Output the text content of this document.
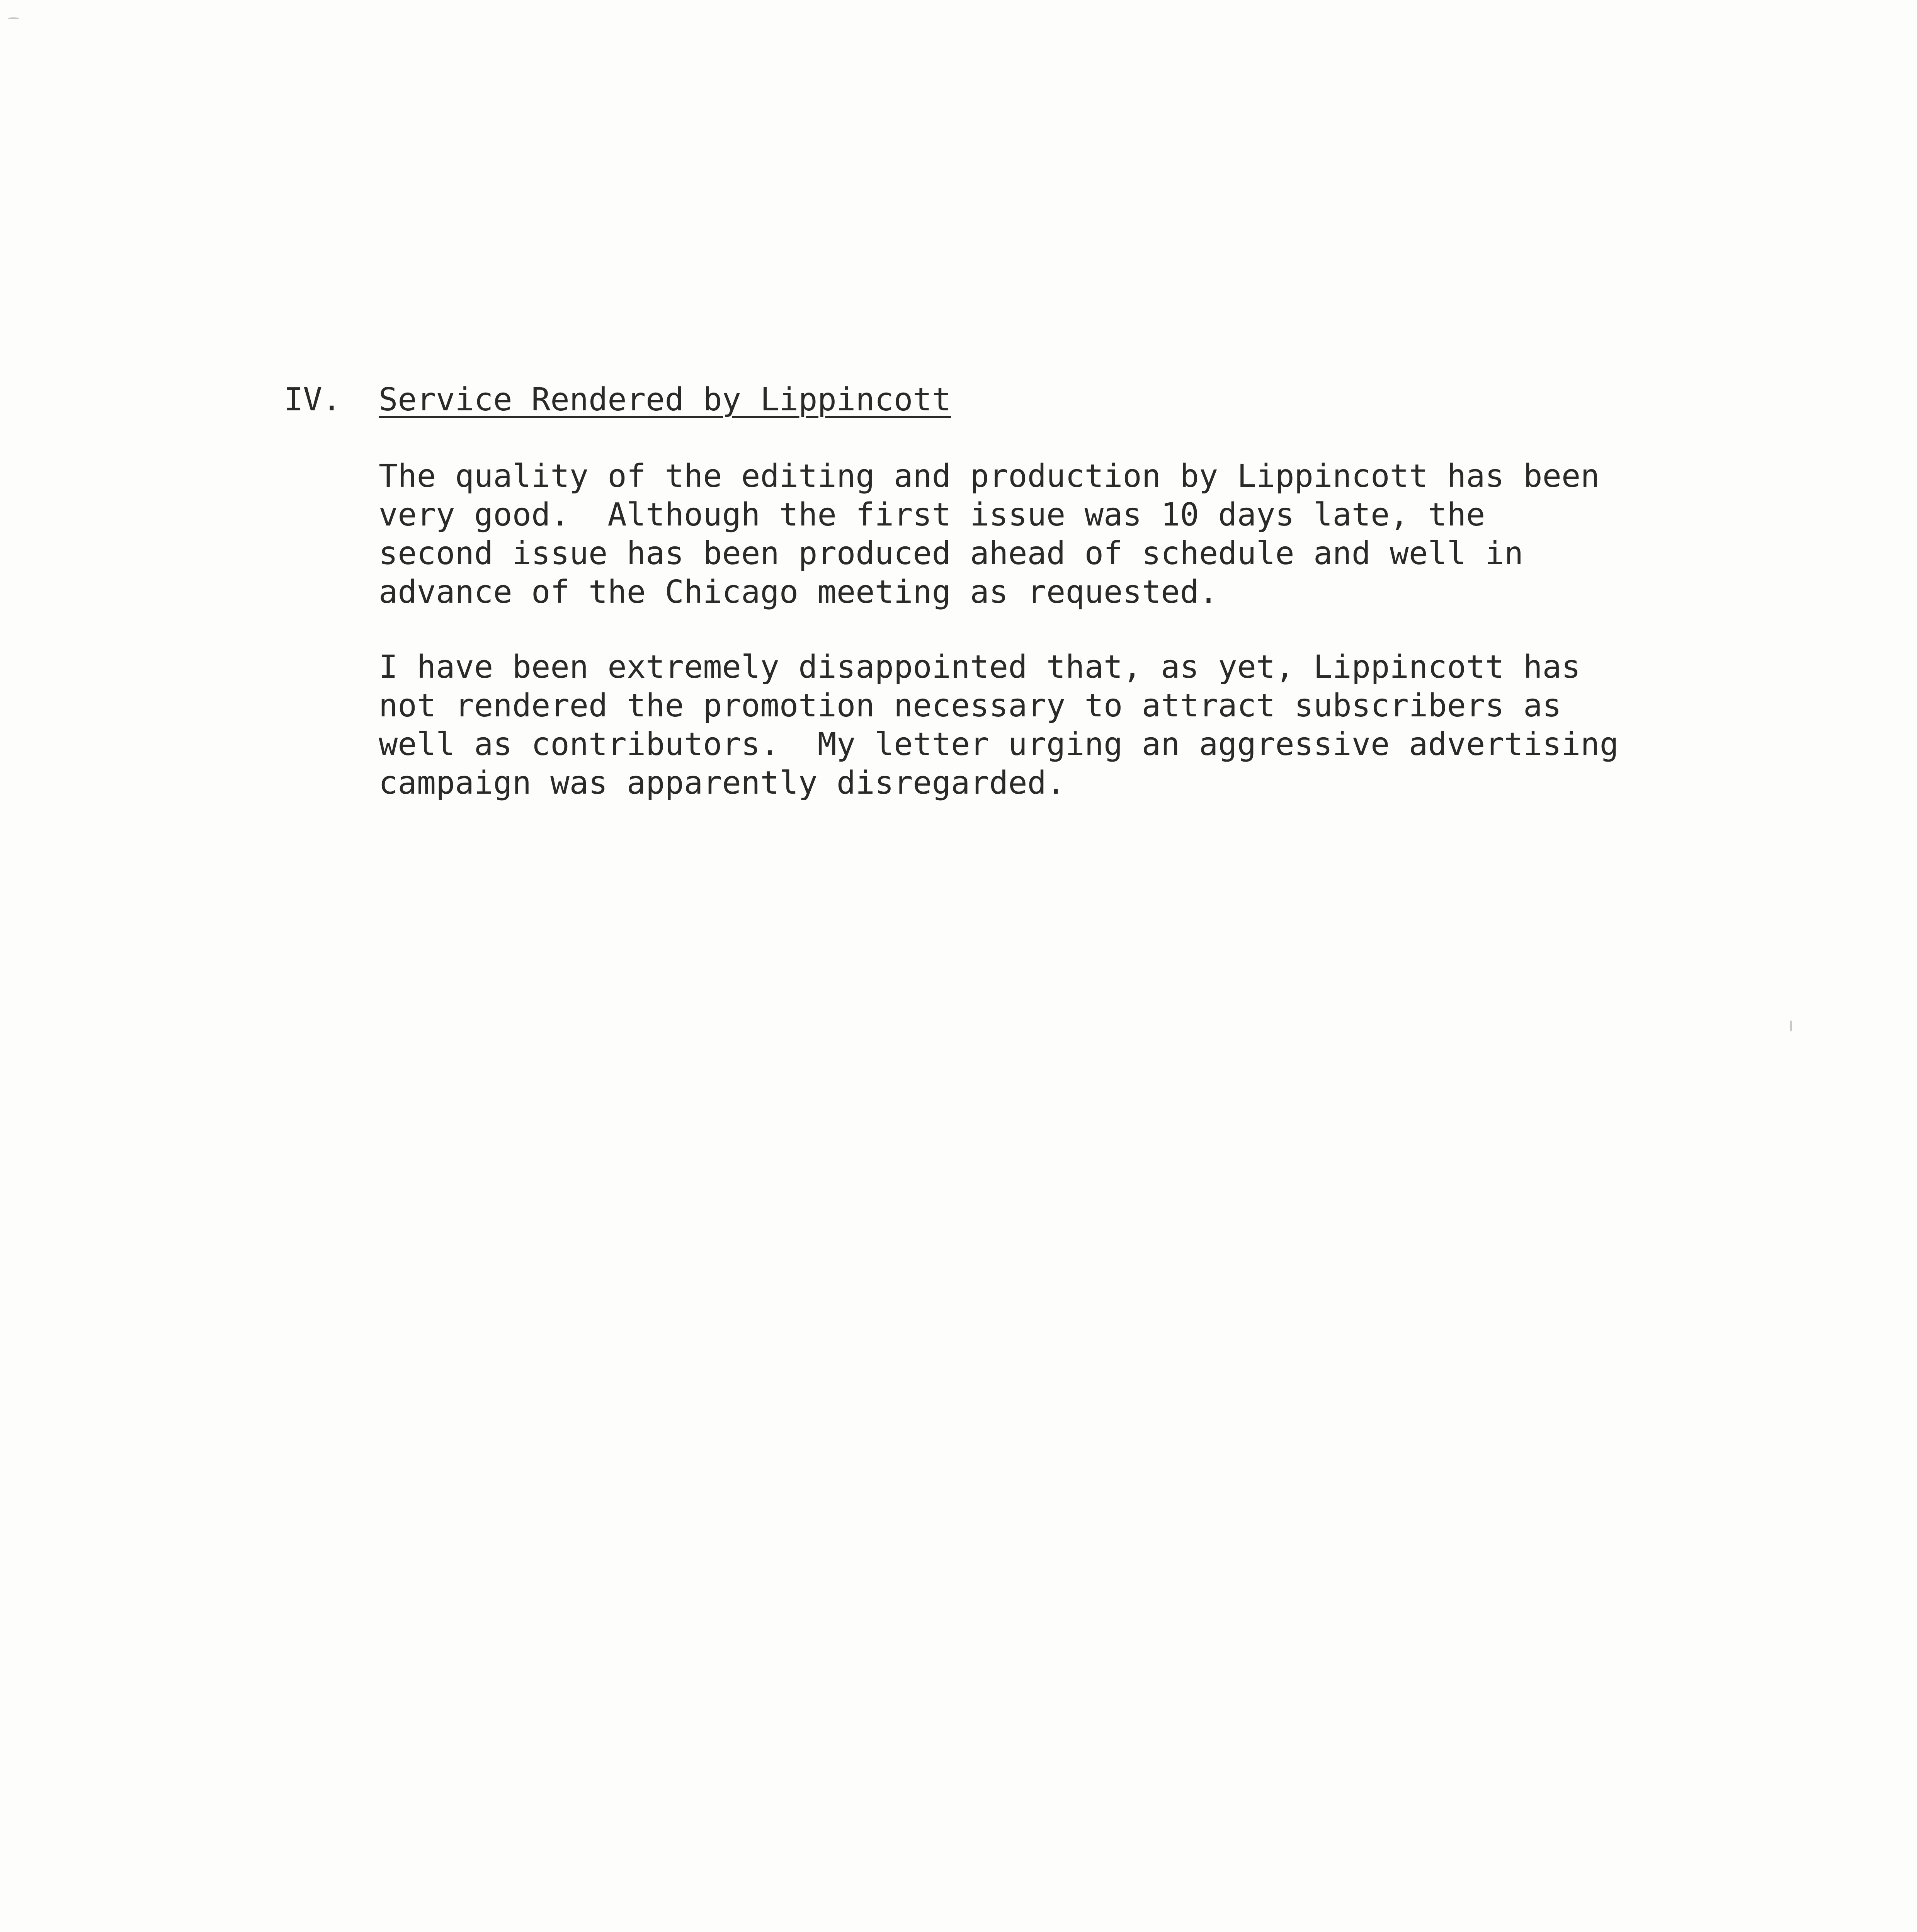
IV. Service Rendered by Lippincott
The quality of the editing and production by Lippincott has been
very good.  Although the first issue was 10 days late, the
second issue has been produced ahead of schedule and well in
advance of the Chicago meeting as requested.
I have been extremely disappointed that, as yet, Lippincott has
not rendered the promotion necessary to attract subscribers as
well as contributors.  My letter urging an aggressive advertising
campaign was apparently disregarded.
